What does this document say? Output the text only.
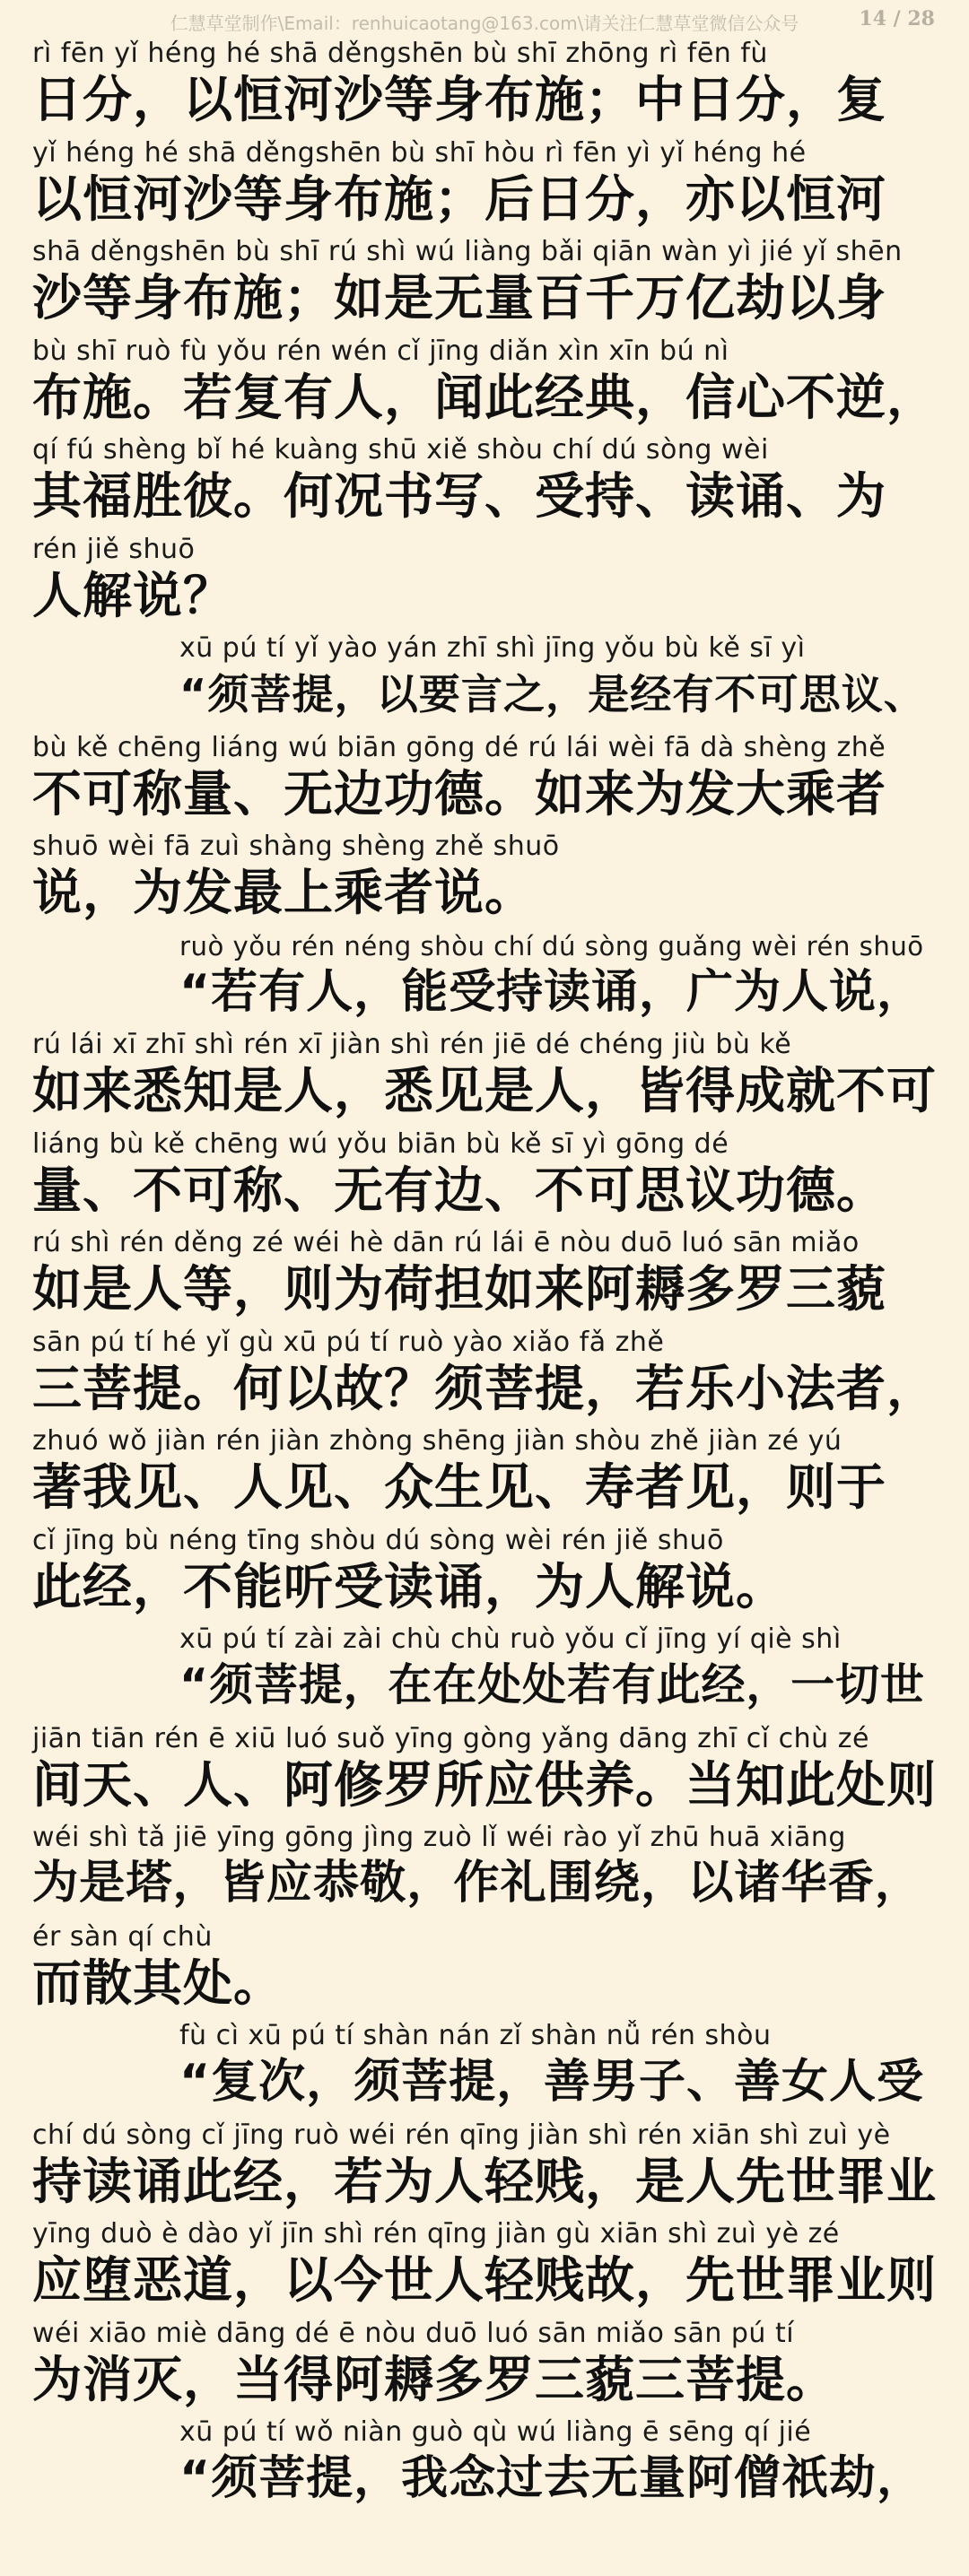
仁慧草堂制作\Email：renhuicaotang@163.com\请关注仁慧草堂微信公众号	14 / 28
rì fēn yǐ héng hé shā děngshēn bù shī zhōng rì fēn fù
日分，以恒河沙等身布施；中日分，复
yǐ héng hé shā děngshēn bù shī hòu rì fēn yì yǐ héng hé
以恒河沙等身布施；后日分，亦以恒河
shā děngshēn bù shī rú shì wú liàng bǎi qiān wàn yì jié yǐ shēn
沙等身布施；如是无量百千万亿劫以身
bù shī ruò fù yǒu rén wén cǐ jīng diǎn xìn xīn bú nì
布施。若复有人，闻此经典，信心不逆，
qí fú shèng bǐ hé kuàng shū xiě shòu chí dú sòng wèi
其福胜彼。何况书写、受持、读诵、为
rén jiě shuō
人解说？
xū pú tí yǐ yào yán zhī shì jīng yǒu bù kě sī yì
“须菩提，以要言之，是经有不可思议、
bù kě chēng liáng wú biān gōng dé rú lái wèi fā dà shèng zhě
不可称量、无边功德。如来为发大乘者
shuō wèi fā zuì shàng shèng zhě shuō
说，为发最上乘者说。
ruò yǒu rén néng shòu chí dú sòng guǎng wèi rén shuō
“若有人，能受持读诵，广为人说，
rú lái xī zhī shì rén xī jiàn shì rén jiē dé chéng jiù bù kě
如来悉知是人，悉见是人，皆得成就不可
liáng bù kě chēng wú yǒu biān bù kě sī yì gōng dé
量、不可称、无有边、不可思议功德。
rú shì rén děng zé wéi hè dān rú lái ē nòu duō luó sān miǎo
如是人等，则为荷担如来阿耨多罗三藐
sān pú tí hé yǐ gù xū pú tí ruò yào xiǎo fǎ zhě
三菩提。何以故？须菩提，若乐小法者，
zhuó wǒ jiàn rén jiàn zhòng shēng jiàn shòu zhě jiàn zé yú
著我见、人见、众生见、寿者见，则于
cǐ jīng bù néng tīng shòu dú sòng wèi rén jiě shuō
此经，不能听受读诵，为人解说。
xū pú tí zài zài chù chù ruò yǒu cǐ jīng yí qiè shì
“须菩提，在在处处若有此经，一切世
jiān tiān rén ē xiū luó suǒ yīng gòng yǎng dāng zhī cǐ chù zé
间天、人、阿修罗所应供养。当知此处则
wéi shì tǎ jiē yīng gōng jìng zuò lǐ wéi rào yǐ zhū huā xiāng
为是塔，皆应恭敬，作礼围绕，以诸华香，
ér sàn qí chù
而散其处。
fù cì xū pú tí shàn nán zǐ shàn nǚ rén shòu
“复次，须菩提，善男子、善女人受
chí dú sòng cǐ jīng ruò wéi rén qīng jiàn shì rén xiān shì zuì yè
持读诵此经，若为人轻贱，是人先世罪业
yīng duò è dào yǐ jīn shì rén qīng jiàn gù xiān shì zuì yè zé
应堕恶道，以今世人轻贱故，先世罪业则
wéi xiāo miè dāng dé ē nòu duō luó sān miǎo sān pú tí
为消灭，当得阿耨多罗三藐三菩提。
xū pú tí wǒ niàn guò qù wú liàng ē sēng qí jié
“须菩提，我念过去无量阿僧祇劫，
